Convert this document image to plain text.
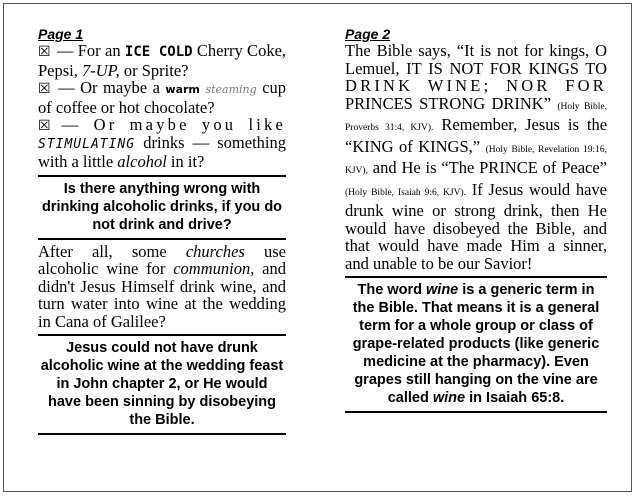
Page 1
☒ — For an ICE COLD Cherry Coke, Pepsi, 7-UP, or Sprite?
☒ — Or maybe a warm steaming cup of coffee or hot chocolate?
☒ — Or maybe you like STIMULATING drinks — something with a little alcohol in it?
Is there anything wrong with drinking alcoholic drinks, if you do not drink and drive?
After all, some churches use alcoholic wine for communion, and didn't Jesus Himself drink wine, and turn water into wine at the wedding in Cana of Galilee?
Jesus could not have drunk alcoholic wine at the wedding feast in John chapter 2, or He would have been sinning by disobeying the Bible.
Page 2
The Bible says, “It is not for kings, O Lemuel, IT IS NOT FOR KINGS TO DRINK WINE; NOR FOR PRINCES STRONG DRINK” (Holy Bible, Proverbs 31:4, KJV). Remember, Jesus is the “KING of KINGS,” (Holy Bible, Revelation 19:16, KJV), and He is “The PRINCE of Peace” (Holy Bible, Isaiah 9:6, KJV). If Jesus would have drunk wine or strong drink, then He would have disobeyed the Bible, and that would have made Him a sinner, and unable to be our Savior!
The word wine is a generic term in the Bible. That means it is a general term for a whole group or class of grape-related products (like generic medicine at the pharmacy). Even grapes still hanging on the vine are called wine in Isaiah 65:8.
